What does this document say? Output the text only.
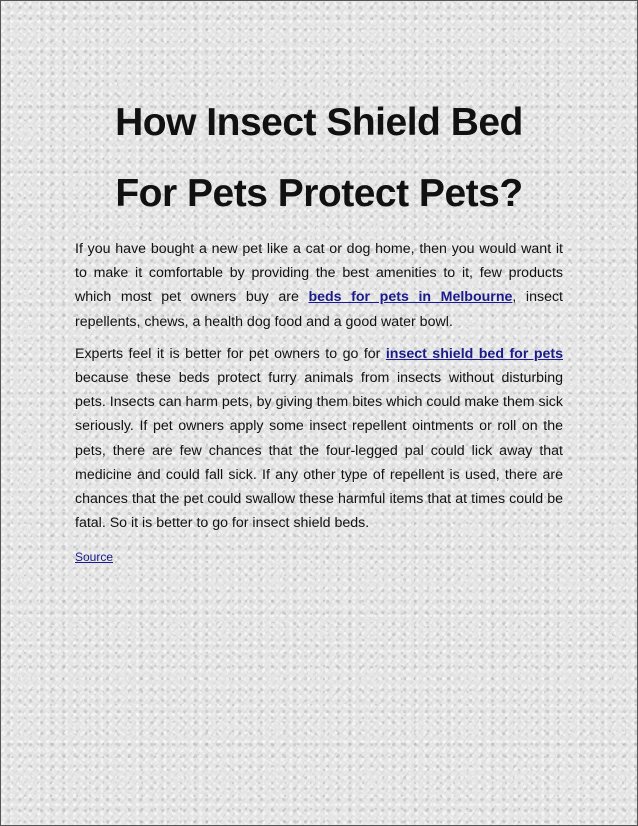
How Insect Shield Bed
For Pets Protect Pets?

If you have bought a new pet like a cat or dog home, then you would want it to make it comfortable by providing the best amenities to it, few products which most pet owners buy are beds for pets in Melbourne, insect repellents, chews, a health dog food and a good water bowl.

Experts feel it is better for pet owners to go for insect shield bed for pets because these beds protect furry animals from insects without disturbing pets. Insects can harm pets, by giving them bites which could make them sick seriously. If pet owners apply some insect repellent ointments or roll on the pets, there are few chances that the four-legged pal could lick away that medicine and could fall sick. If any other type of repellent is used, there are chances that the pet could swallow these harmful items that at times could be fatal. So it is better to go for insect shield beds.

Source
